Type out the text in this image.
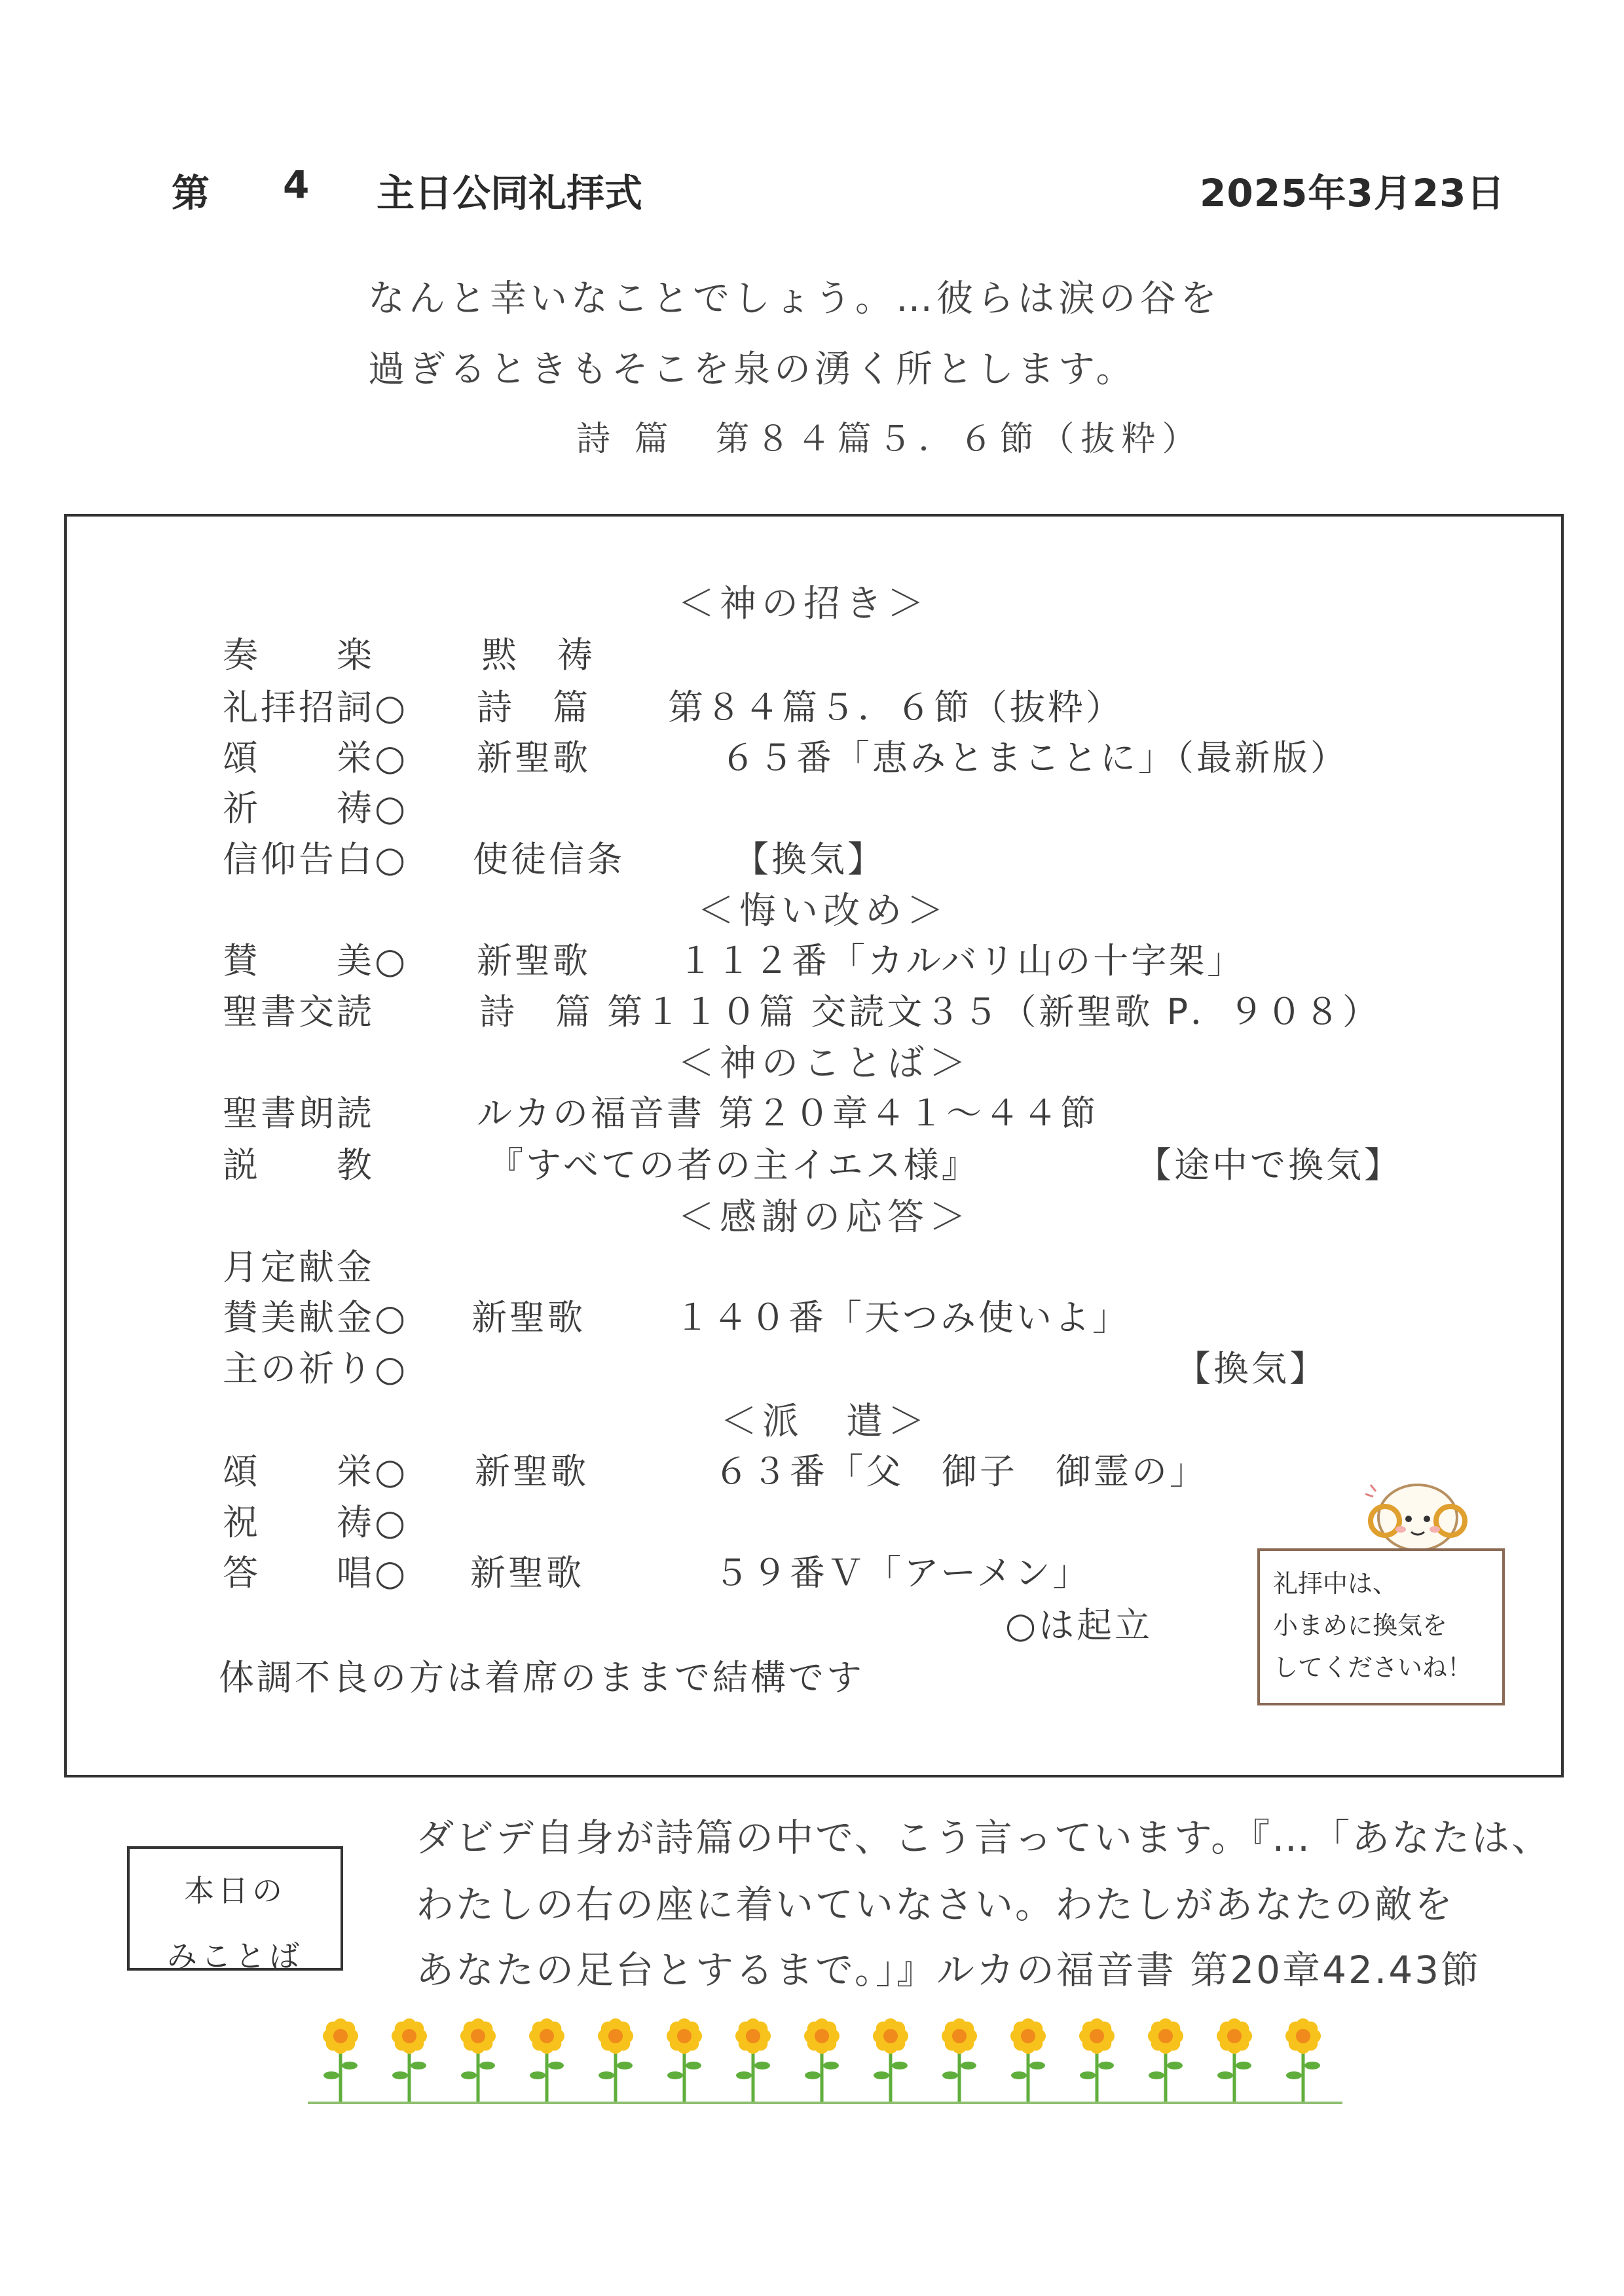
第 4 主日公同礼拝式	2025年3月23日
なんと幸いなことでしょう。…彼らは涙の谷を
過ぎるときもそこを泉の湧く所とします。
詩 篇　第８４篇５．６節（抜粋）
＜神の招き＞
奏　　楽	黙　祷
礼拝招詞○ 詩　篇 第８４篇５．６節（抜粋）
頌　　栄○ 新聖歌	６５番「恵みとまことに」（最新版）
祈　　祷○
信仰告白○ 使徒信条	【換気】
＜悔い改め＞
賛　　美○ 新聖歌 １１２番「カルバリ山の十字架」
聖書交読	詩　篇 第１１０篇 交読文３５（新聖歌 P．９０８）
＜神のことば＞
聖書朗読	ルカの福音書 第２０章４１～４４節
説　　教	『すべての者の主イエス様』	【途中で換気】
＜感謝の応答＞
月定献金
賛美献金○ 新聖歌	１４０番「天つみ使いよ」
主の祈り○	【換気】
＜派　遣＞
頌　　栄○ 新聖歌	６３番「父　御子　御霊の」
祝　　祷○
答　　唱○ 新聖歌	５９番Ｖ「アーメン」
○は起立
体調不良の方は着席のままで結構です
礼拝中は、
小まめに換気を
してくださいね！
本日の
みことば
ダビデ自身が詩篇の中で、こう言っています。『…「あなたは、
わたしの右の座に着いていなさい。わたしがあなたの敵を
あなたの足台とするまで。」』ルカの福音書 第20章42.43節
